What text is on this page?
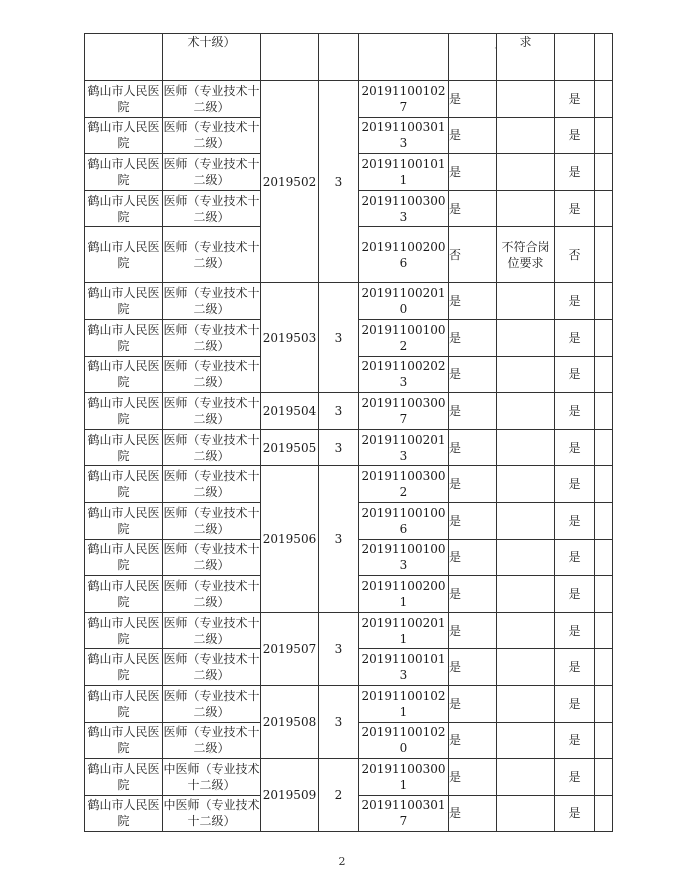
	术十级）					求		
鹤山市人民医院	医师（专业技术十二级）	2019502	3	201911001027	是		是	
鹤山市人民医院	医师（专业技术十二级）			201911003013	是		是	
鹤山市人民医院	医师（专业技术十二级）			201911001011	是		是	
鹤山市人民医院	医师（专业技术十二级）			201911003003	是		是	
鹤山市人民医院	医师（专业技术十二级）			201911002006	否	不符合岗位要求	否	
鹤山市人民医院	医师（专业技术十二级）	2019503	3	201911002010	是		是	
鹤山市人民医院	医师（专业技术十二级）			201911001002	是		是	
鹤山市人民医院	医师（专业技术十二级）			201911002023	是		是	
鹤山市人民医院	医师（专业技术十二级）	2019504	3	201911003007	是		是	
鹤山市人民医院	医师（专业技术十二级）	2019505	3	201911002013	是		是	
鹤山市人民医院	医师（专业技术十二级）	2019506	3	201911003002	是		是	
鹤山市人民医院	医师（专业技术十二级）			201911001006	是		是	
鹤山市人民医院	医师（专业技术十二级）			201911001003	是		是	
鹤山市人民医院	医师（专业技术十二级）			201911002001	是		是	
鹤山市人民医院	医师（专业技术十二级）	2019507	3	201911002011	是		是	
鹤山市人民医院	医师（专业技术十二级）			201911001013	是		是	
鹤山市人民医院	医师（专业技术十二级）	2019508	3	201911001021	是		是	
鹤山市人民医院	医师（专业技术十二级）			201911001020	是		是	
鹤山市人民医院	中医师（专业技术十二级）	2019509	2	201911003001	是		是	
鹤山市人民医院	中医师（专业技术十二级）			201911003017	是		是	
·
2
